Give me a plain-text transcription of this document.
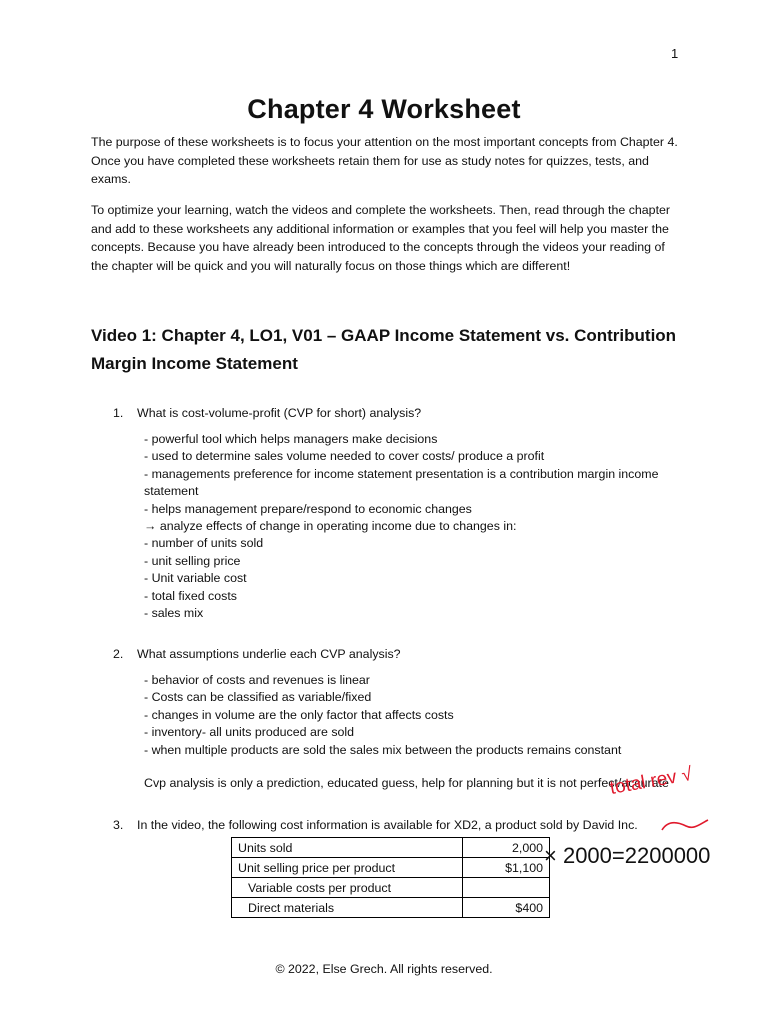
1
Chapter 4 Worksheet
The purpose of these worksheets is to focus your attention on the most important concepts from Chapter 4. Once you have completed these worksheets retain them for use as study notes for quizzes, tests, and exams.
To optimize your learning, watch the videos and complete the worksheets. Then, read through the chapter and add to these worksheets any additional information or examples that you feel will help you master the concepts. Because you have already been introduced to the concepts through the videos your reading of the chapter will be quick and you will naturally focus on those things which are different!
Video 1: Chapter 4, LO1, V01 – GAAP Income Statement vs. Contribution Margin Income Statement
1. What is cost-volume-profit (CVP for short) analysis?
- powerful tool which helps managers make decisions
- used to determine sales volume needed to cover costs/ produce a profit
- managements preference for income statement presentation is a contribution margin income statement
- helps management prepare/respond to economic changes
→ analyze effects of change in operating income due to changes in:
- number of units sold
- unit selling price
- Unit variable cost
- total fixed costs
- sales mix
2. What assumptions underlie each CVP analysis?
- behavior of costs and revenues is linear
- Costs can be classified as variable/fixed
- changes in volume are the only factor that affects costs
- inventory- all units produced are sold
- when multiple products are sold the sales mix between the products remains constant
Cvp analysis is only a prediction, educated guess, help for planning but it is not perfect/accurate
3. In the video, the following cost information is available for XD2, a product sold by David Inc.
Units sold	2,000
Unit selling price per product	$1,100
Variable costs per product	
Direct materials	$400
total rev √
× 2000=2200000
© 2022, Else Grech. All rights reserved.
